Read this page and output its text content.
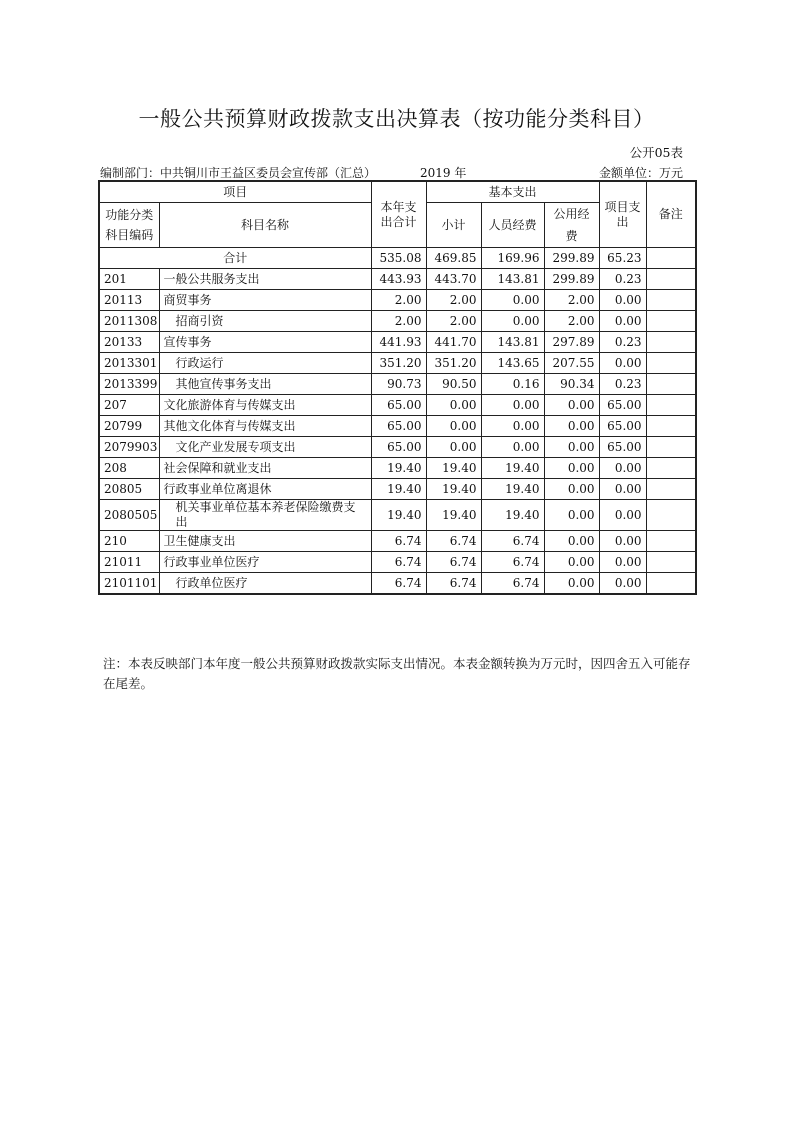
一般公共预算财政拨款支出决算表（按功能分类科目）
公开05表
编制部门：中共铜川市王益区委员会宣传部（汇总）	2019 年	金额单位：万元
项目		本年支出合计	基本支出			项目支出	备注
功能分类科目编码	科目名称		小计	人员经费	公用经费		
合计		535.08	469.85	169.96	299.89	65.23	
201	一般公共服务支出	443.93	443.70	143.81	299.89	0.23	
20113	商贸事务	2.00	2.00	0.00	2.00	0.00	
2011308	招商引资	2.00	2.00	0.00	2.00	0.00	
20133	宣传事务	441.93	441.70	143.81	297.89	0.23	
2013301	行政运行	351.20	351.20	143.65	207.55	0.00	
2013399	其他宣传事务支出	90.73	90.50	0.16	90.34	0.23	
207	文化旅游体育与传媒支出	65.00	0.00	0.00	0.00	65.00	
20799	其他文化体育与传媒支出	65.00	0.00	0.00	0.00	65.00	
2079903	文化产业发展专项支出	65.00	0.00	0.00	0.00	65.00	
208	社会保障和就业支出	19.40	19.40	19.40	0.00	0.00	
20805	行政事业单位离退休	19.40	19.40	19.40	0.00	0.00	
2080505	机关事业单位基本养老保险缴费支出	19.40	19.40	19.40	0.00	0.00	
210	卫生健康支出	6.74	6.74	6.74	0.00	0.00	
21011	行政事业单位医疗	6.74	6.74	6.74	0.00	0.00	
2101101	行政单位医疗	6.74	6.74	6.74	0.00	0.00	
注：本表反映部门本年度一般公共预算财政拨款实际支出情况。本表金额转换为万元时，因四舍五入可能存在尾差。
